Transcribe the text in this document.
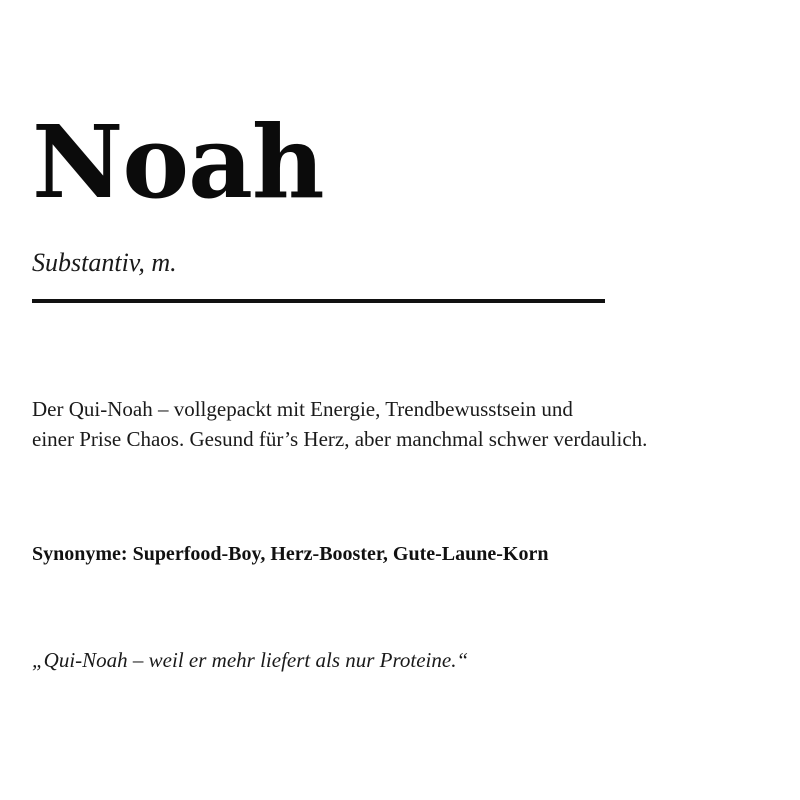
Noah

Substantiv, m.

Der Qui-Noah – vollgepackt mit Energie, Trendbewusstsein und
einer Prise Chaos. Gesund für’s Herz, aber manchmal schwer verdaulich.

Synonyme: Superfood-Boy, Herz-Booster, Gute-Laune-Korn

„Qui-Noah – weil er mehr liefert als nur Proteine.“
